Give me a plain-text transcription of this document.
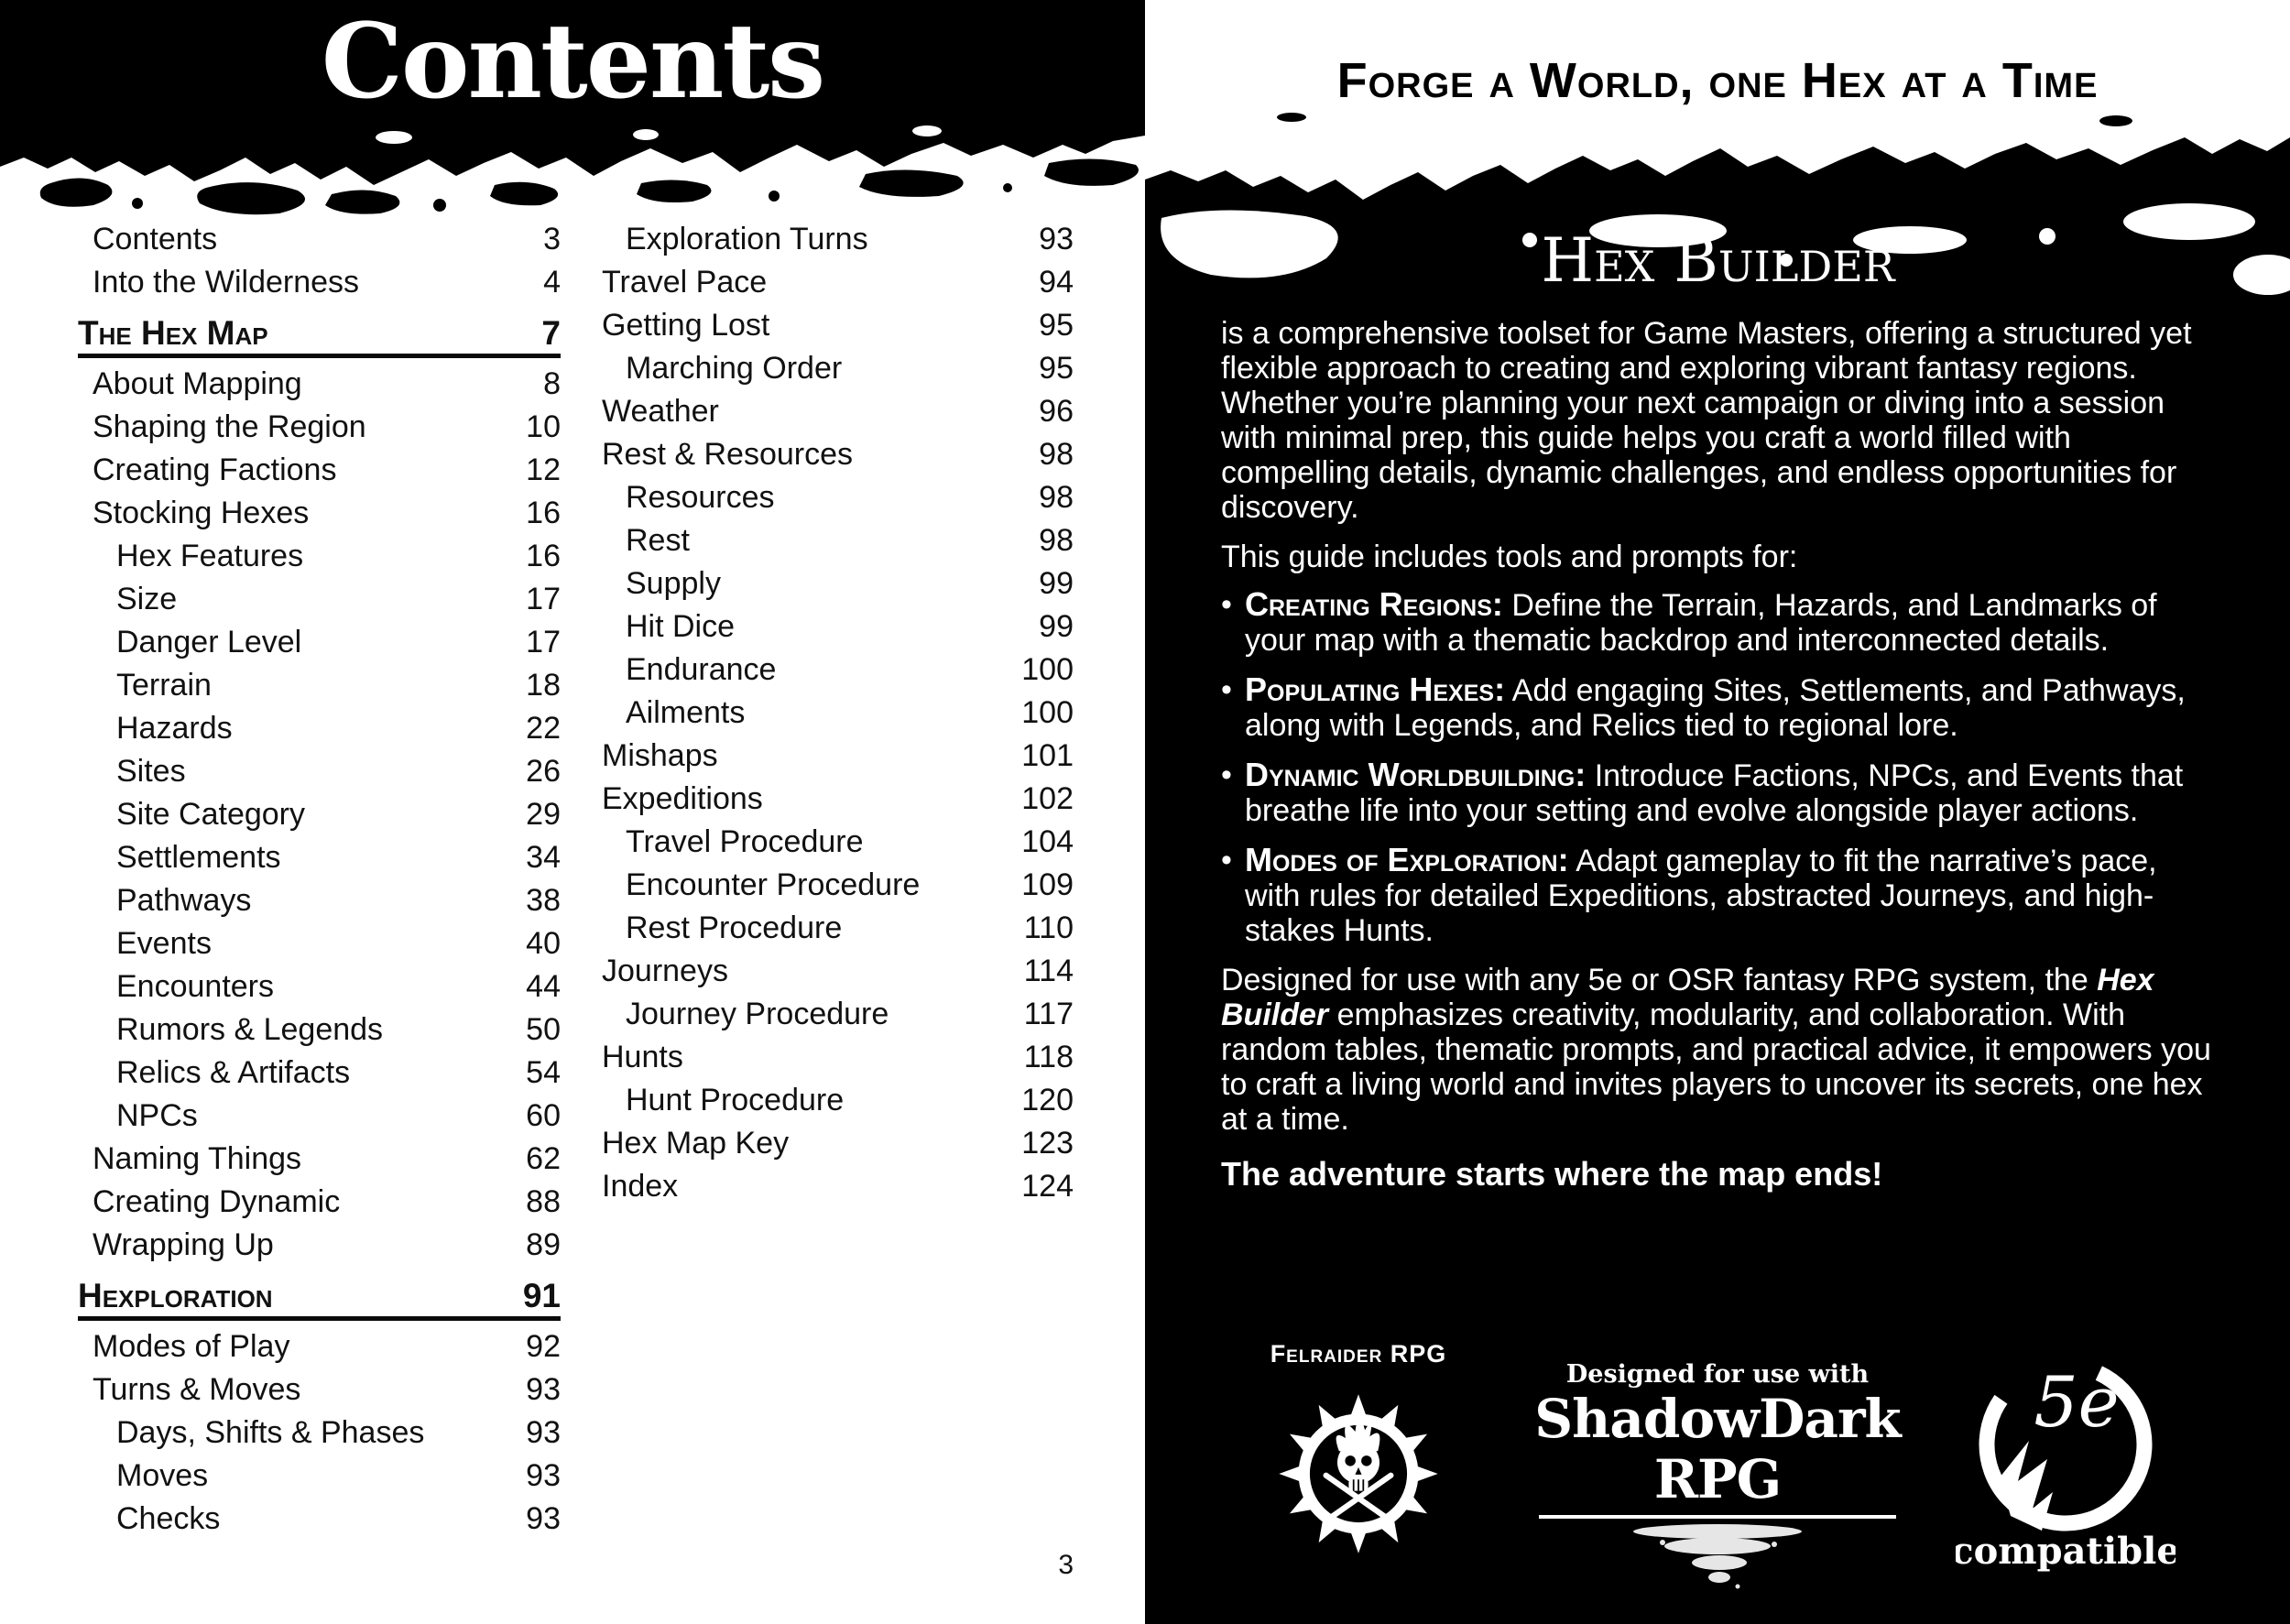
Contents
Contents	3
Into the Wilderness	4
The Hex Map	7
About Mapping	8
Shaping the Region	10
Creating Factions	12
Stocking Hexes	16
Hex Features	16
Size	17
Danger Level	17
Terrain	18
Hazards	22
Sites	26
Site Category	29
Settlements	34
Pathways	38
Events	40
Encounters	44
Rumors & Legends	50
Relics & Artifacts	54
NPCs	60
Naming Things	62
Creating Dynamic	88
Wrapping Up	89
Hexploration	91
Modes of Play	92
Turns & Moves	93
Days, Shifts & Phases	93
Moves	93
Checks	93
Exploration Turns	93
Travel Pace	94
Getting Lost	95
Marching Order	95
Weather	96
Rest & Resources	98
Resources	98
Rest	98
Supply	99
Hit Dice	99
Endurance	100
Ailments	100
Mishaps	101
Expeditions	102
Travel Procedure	104
Encounter Procedure	109
Rest Procedure	110
Journeys	114
Journey Procedure	117
Hunts	118
Hunt Procedure	120
Hex Map Key	123
Index	124
3
Forge a World, one Hex at a Time
Hex Builder

is a comprehensive toolset for Game Masters, offering a structured yet flexible approach to creating and exploring vibrant fantasy regions. Whether you’re planning your next campaign or diving into a session with minimal prep, this guide helps you craft a world filled with compelling details, dynamic challenges, and endless opportunities for discovery.

This guide includes tools and prompts for:

• Creating Regions: Define the Terrain, Hazards, and Landmarks of your map with a thematic backdrop and interconnected details.

• Populating Hexes: Add engaging Sites, Settlements, and Pathways, along with Legends, and Relics tied to regional lore.

• Dynamic Worldbuilding: Introduce Factions, NPCs, and Events that breathe life into your setting and evolve alongside player actions.

• Modes of Exploration: Adapt gameplay to fit the narrative’s pace, with rules for detailed Expeditions, abstracted Journeys, and high-stakes Hunts.

Designed for use with any 5e or OSR fantasy RPG system, the Hex Builder emphasizes creativity, modularity, and collaboration. With random tables, thematic prompts, and practical advice, it empowers you to craft a living world and invites players to uncover its secrets, one hex at a time.

The adventure starts where the map ends!

Felraider RPG
Designed for use with
ShadowDark RPG
5e
compatible
